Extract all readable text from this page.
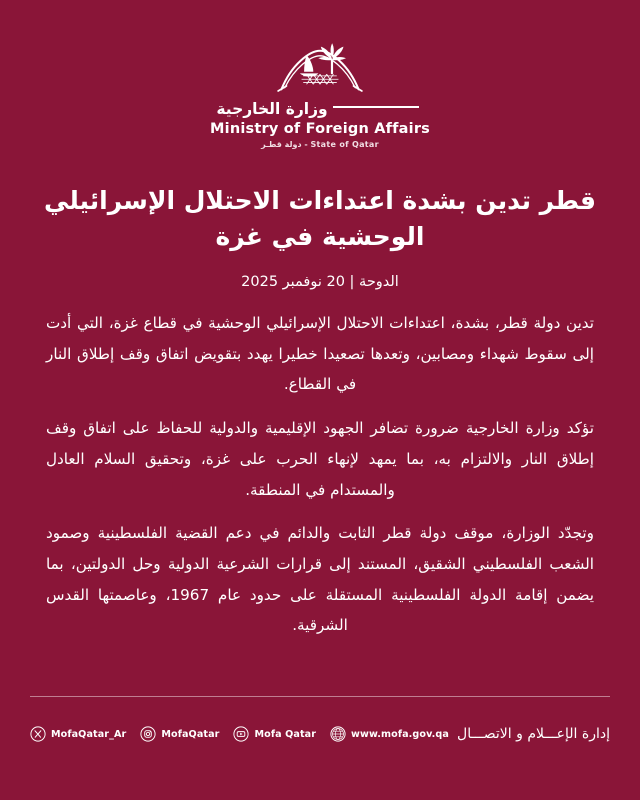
وزارة الخارجية
Ministry of Foreign Affairs
دولة قطـر - State of Qatar
قطر تدين بشدة اعتداءات الاحتلال الإسرائيلي الوحشية في غزة
الدوحة | 20 نوفمبر 2025

تدين دولة قطر، بشدة، اعتداءات الاحتلال الإسرائيلي الوحشية في قطاع غزة، التي أدت إلى سقوط شهداء ومصابين، وتعدها تصعيدا خطيرا يهدد بتقويض اتفاق وقف إطلاق النار في القطاع.

تؤكد وزارة الخارجية ضرورة تضافر الجهود الإقليمية والدولية للحفاظ على اتفاق وقف إطلاق النار والالتزام به، بما يمهد لإنهاء الحرب على غزة، وتحقيق السلام العادل والمستدام في المنطقة.

وتجدّد الوزارة، موقف دولة قطر الثابت والدائم في دعم القضية الفلسطينية وصمود الشعب الفلسطيني الشقيق، المستند إلى قرارات الشرعية الدولية وحل الدولتين، بما يضمن إقامة الدولة الفلسطينية المستقلة على حدود عام 1967، وعاصمتها القدس الشرقية.

MofaQatar_Ar	MofaQatar	Mofa Qatar	www.mofa.gov.qa إدارة الإعـــلام و الاتصـــال
